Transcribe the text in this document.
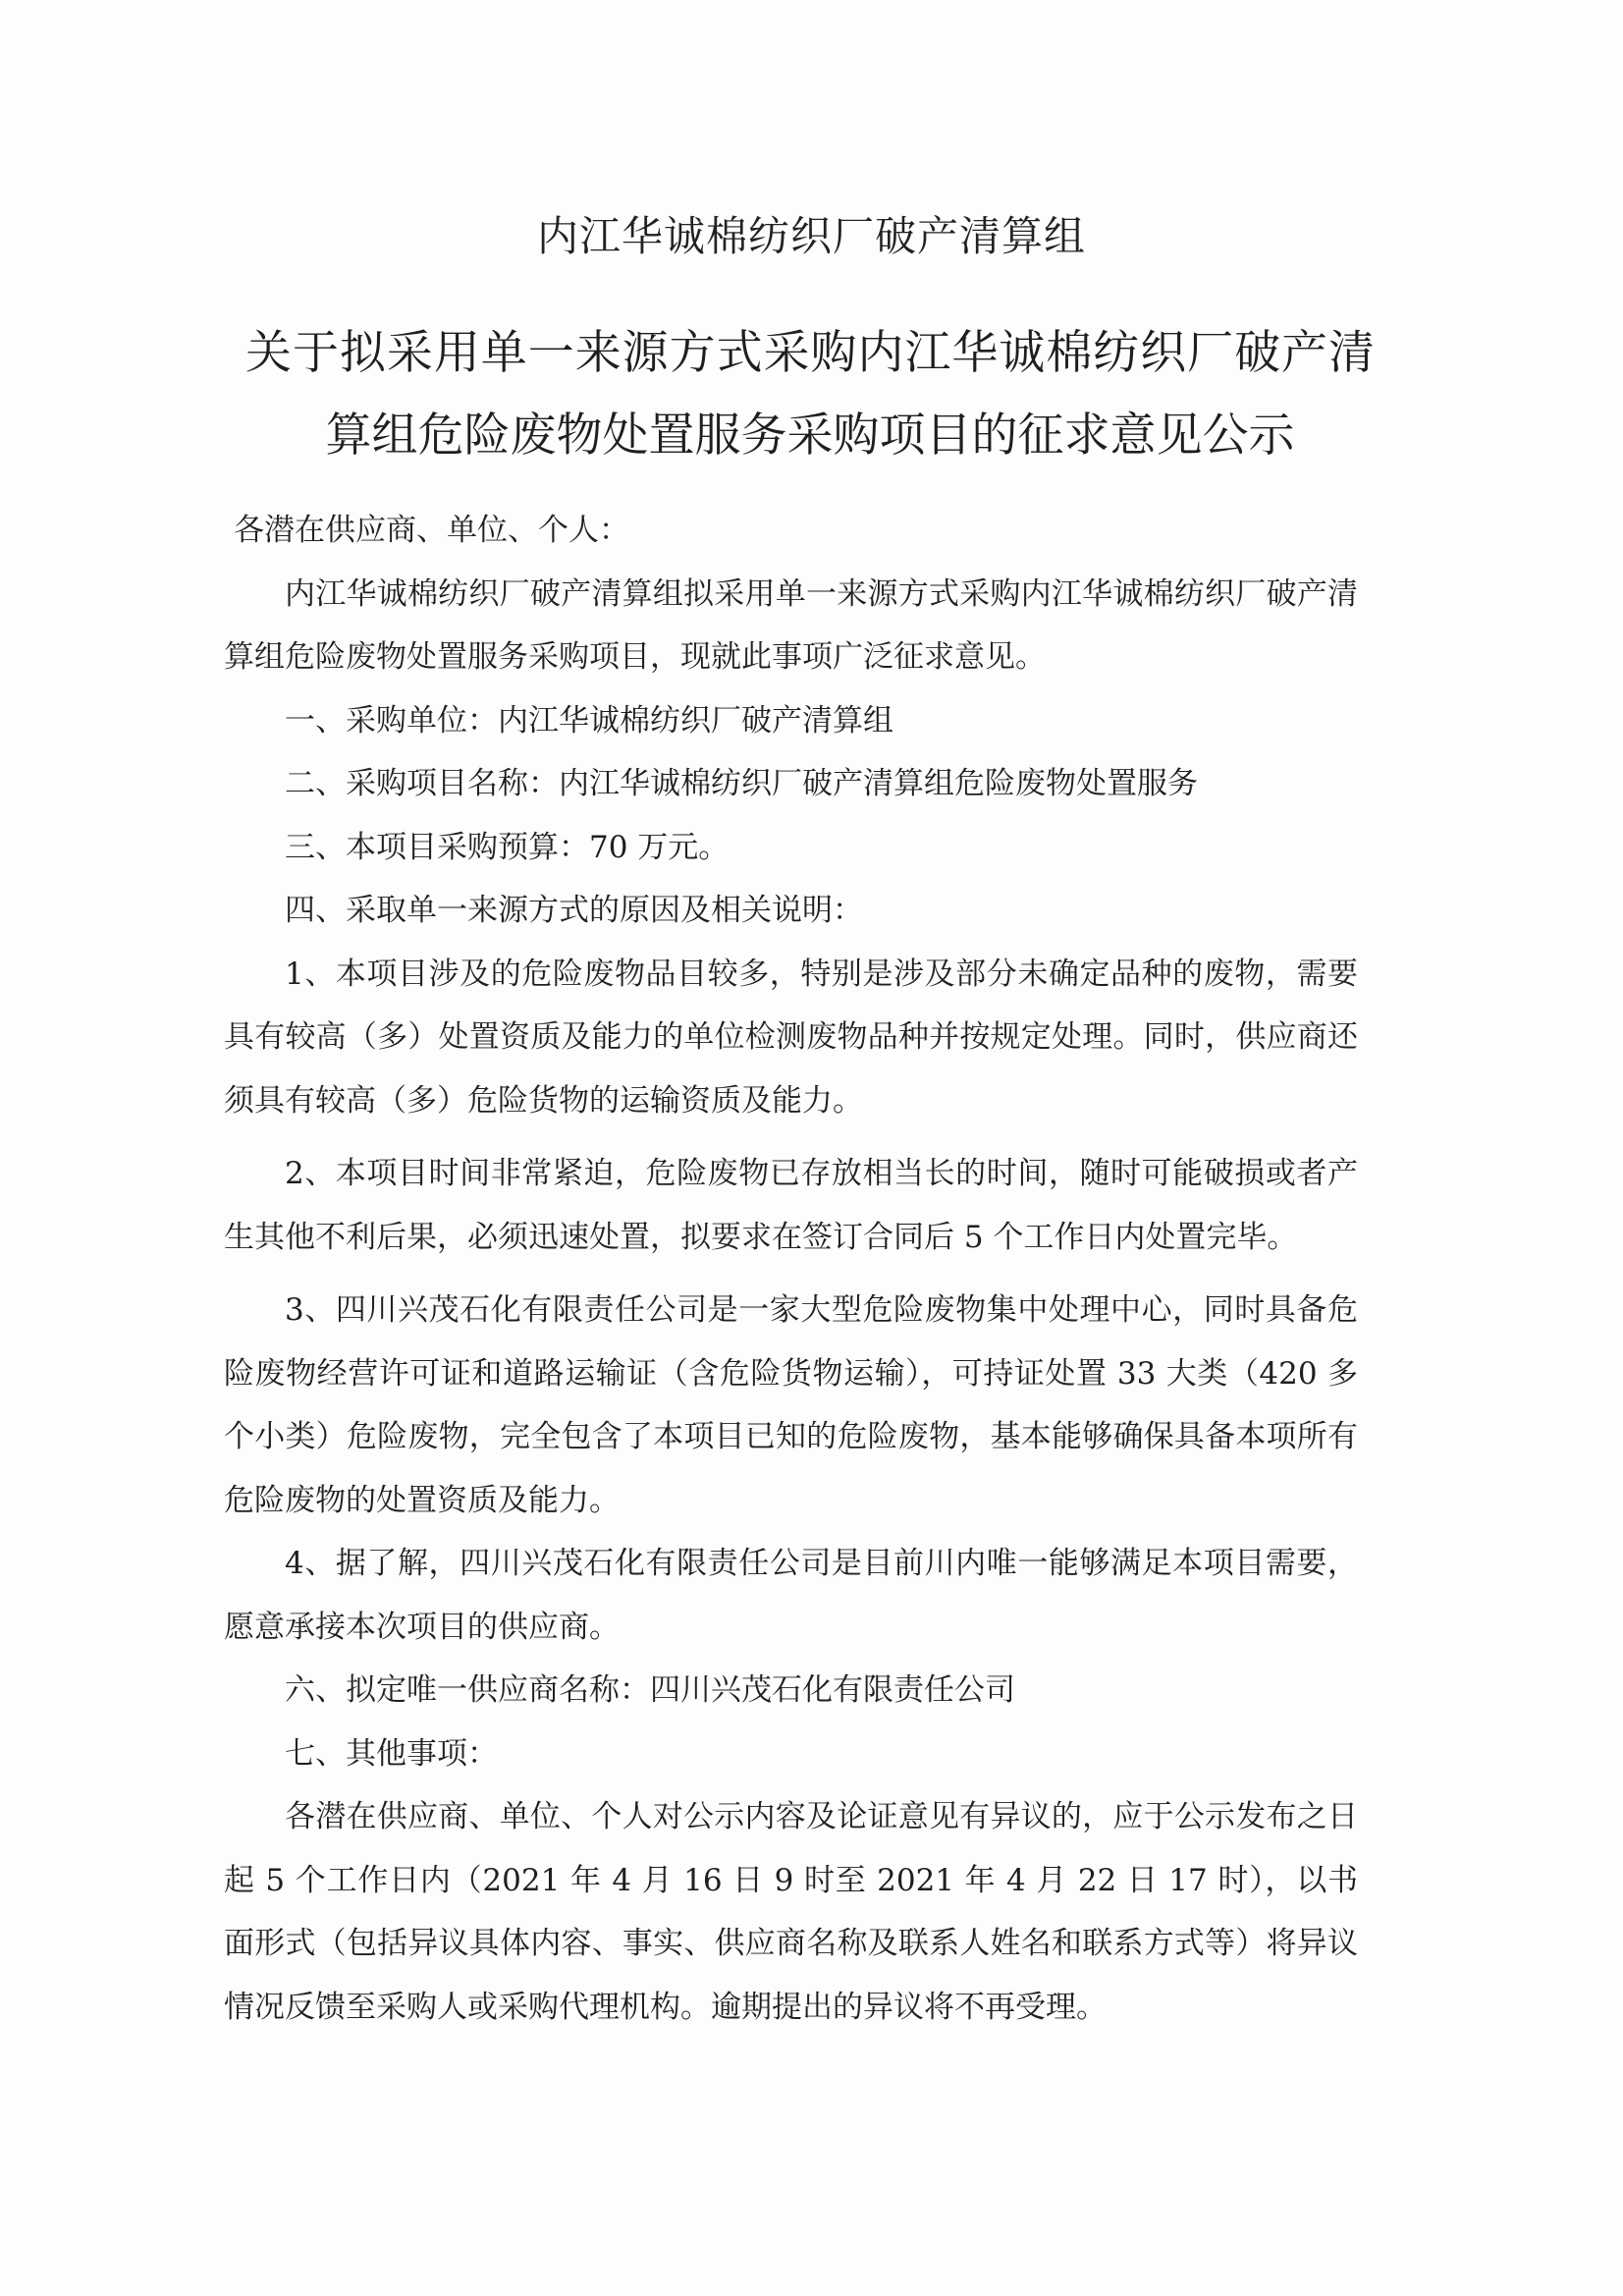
内江华诚棉纺织厂破产清算组
关于拟采用单一来源方式采购内江华诚棉纺织厂破产清算组危险废物处置服务采购项目的征求意见公示

各潜在供应商、单位、个人：

内江华诚棉纺织厂破产清算组拟采用单一来源方式采购内江华诚棉纺织厂破产清算组危险废物处置服务采购项目，现就此事项广泛征求意见。

一、采购单位：内江华诚棉纺织厂破产清算组

二、采购项目名称：内江华诚棉纺织厂破产清算组危险废物处置服务

三、本项目采购预算：70 万元。

四、采取单一来源方式的原因及相关说明：

1、本项目涉及的危险废物品目较多，特别是涉及部分未确定品种的废物，需要具有较高（多）处置资质及能力的单位检测废物品种并按规定处理。同时，供应商还须具有较高（多）危险货物的运输资质及能力。

2、本项目时间非常紧迫，危险废物已存放相当长的时间，随时可能破损或者产生其他不利后果，必须迅速处置，拟要求在签订合同后 5 个工作日内处置完毕。

3、四川兴茂石化有限责任公司是一家大型危险废物集中处理中心，同时具备危险废物经营许可证和道路运输证（含危险货物运输），可持证处置 33 大类（420 多个小类）危险废物，完全包含了本项目已知的危险废物，基本能够确保具备本项所有危险废物的处置资质及能力。

4、据了解，四川兴茂石化有限责任公司是目前川内唯一能够满足本项目需要，愿意承接本次项目的供应商。

六、拟定唯一供应商名称：四川兴茂石化有限责任公司

七、其他事项：

各潜在供应商、单位、个人对公示内容及论证意见有异议的，应于公示发布之日起 5 个工作日内（2021 年 4 月 16 日 9 时至 2021 年 4 月 22 日 17 时），以书面形式（包括异议具体内容、事实、供应商名称及联系人姓名和联系方式等）将异议情况反馈至采购人或采购代理机构。逾期提出的异议将不再受理。
